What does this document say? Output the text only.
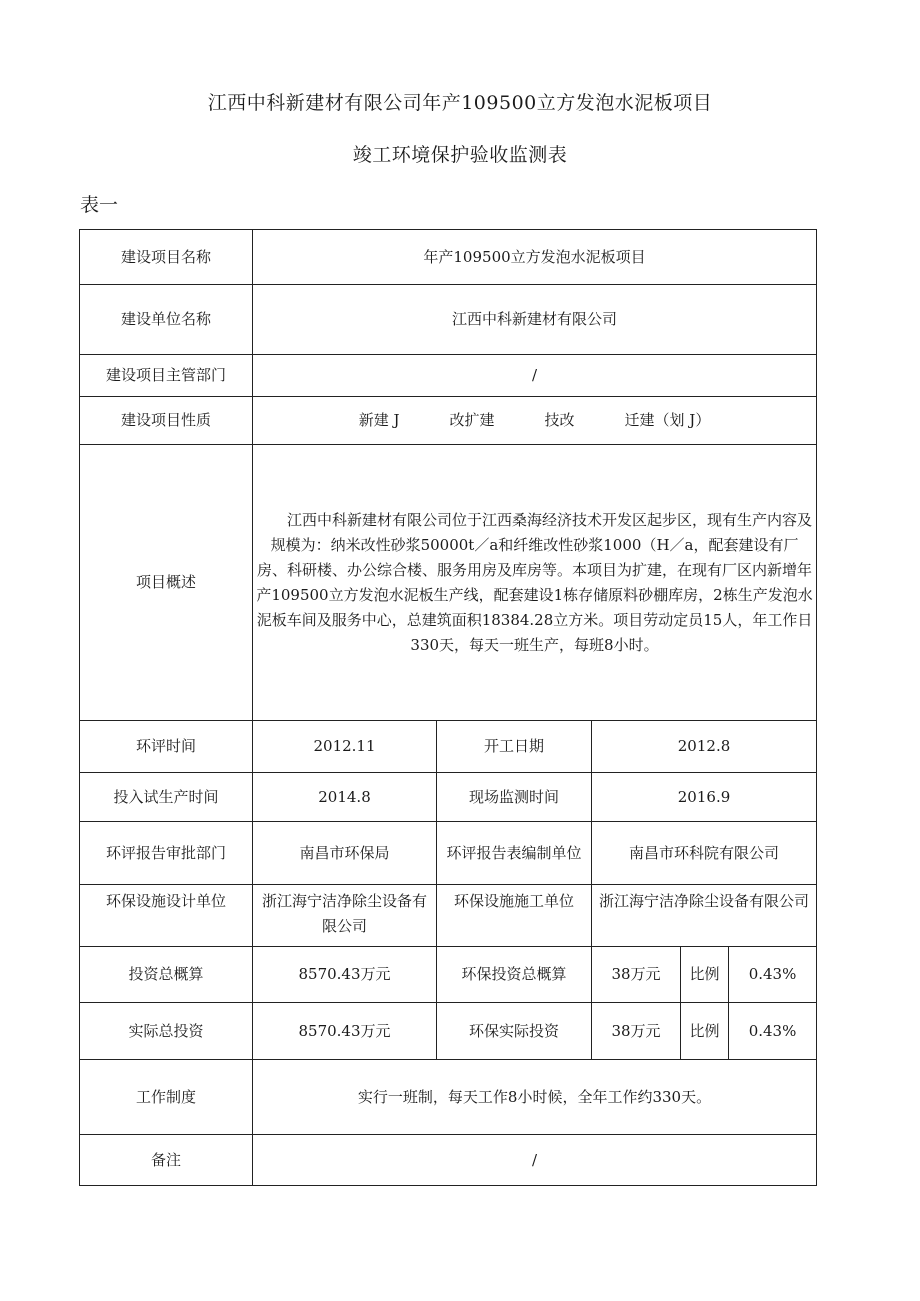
江西中科新建材有限公司年产109500立方发泡水泥板项目
竣工环境保护验收监测表
表一
建设项目名称	年产109500立方发泡水泥板项目				
建设单位名称	江西中科新建材有限公司				
建设项目主管部门	/				
建设项目性质	新建 J 改扩建 技改 迁建（划 J）				
项目概述	江西中科新建材有限公司位于江西桑海经济技术开发区起步区，现有生产内容及规模为：纳米改性砂浆50000t／a和纤维改性砂浆1000（H／a，配套建设有厂房、科研楼、办公综合楼、服务用房及库房等。本项目为扩建，在现有厂区内新增年产109500立方发泡水泥板生产线，配套建设1栋存储原料砂棚库房，2栋生产发泡水泥板车间及服务中心，总建筑面积18384.28立方米。项目劳动定员15人，年工作日330天，每天一班生产，每班8小时。				

环评时间	2012.11	开工日期	2012.8		
投入试生产时间	2014.8	现场监测时间	2016.9		
环评报告审批部门	南昌市环保局	环评报告表编制单位	南昌市环科院有限公司		
环保设施设计单位	浙江海宁洁净除尘设备有限公司	环保设施施工单位	浙江海宁洁净除尘设备有限公司		
投资总概算	8570.43万元	环保投资总概算	38万元	比例	0.43%
实际总投资	8570.43万元	环保实际投资	38万元	比例	0.43%
工作制度	实行一班制，每天工作8小时候，全年工作约330天。				
备注	/				
